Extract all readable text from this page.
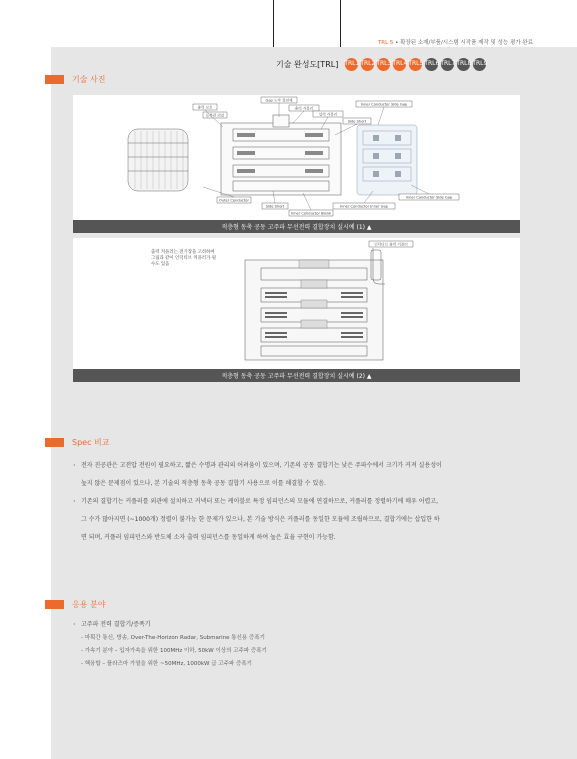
TRL 5 • 확장된 소재/부품/시스템 시작품 제작 및 성능 평가 완료
기술 완성도[TRL] TRL 1 TRL 2 TRL 3 TRL 4 TRL 5 TRL 6 TRL 7 TRL 8 TRL 9
기술 사진
Gap 도자 절연체
출력 보호	출력 커플러
입력 커플러
Side Short
Inner Conductor Side Gap
동축관 외함
Outer Conductor
Side Short	Inner Conductor Inner Gap
Inner Conductor Side Gap
Inner Conductor Blank
적층형 동축 공동 고주파 무선전력 결합장치 실시예 (1) ▲
출력 커플러는 전기장을 고려하여
그림과 같이 인덕티브 커플러가 될
수도 있음
인덕티브 출력 커플러
적층형 동축 공동 고주파 무선전력 결합장치 실시예 (2) ▲
Spec 비교
· 전자 진공관은 고전압 전원이 필요하고, 짧은 수명과 관리의 어려움이 있으며, 기존의 공동 결합기는 낮은 주파수에서 크기가 커져 실용성이
높지 않은 문제점이 있으나, 본 기술의 적층형 동축 공동 결합기 사용으로 이를 해결할 수 있음.
· 기존의 결합기는 커플러를 외관에 설치하고 커넥터 또는 케이블로 특정 임피던스의 모듈에 연결하므로, 커플러를 정렬하기에 매우 어렵고,
그 수가 많아지면 (~1000개) 정렬이 불가능 한 문제가 있으나, 본 기술 방식은 커플러를 동일한 모듈에 조립하므로, 결합기에는 삽입한 하
면 되며, 커플러 임피던스와 반도체 소자 출력 임피던스를 동일하게 하여 높은 효율 구현이 가능함.
응용 분야
· 고주파 전력 결합기/증폭기
- 마획간 통신, 방송, Over-The-Horizon Radar, Submarine 통신용 증폭기
- 가속기 분야 – 입자가속을 위한 100MHz 이하, 50kW 이상의 고주파 증폭기
- 핵융합 – 플라즈마 가열을 위한 ~50MHz, 1000kW 급 고주파 증폭기
